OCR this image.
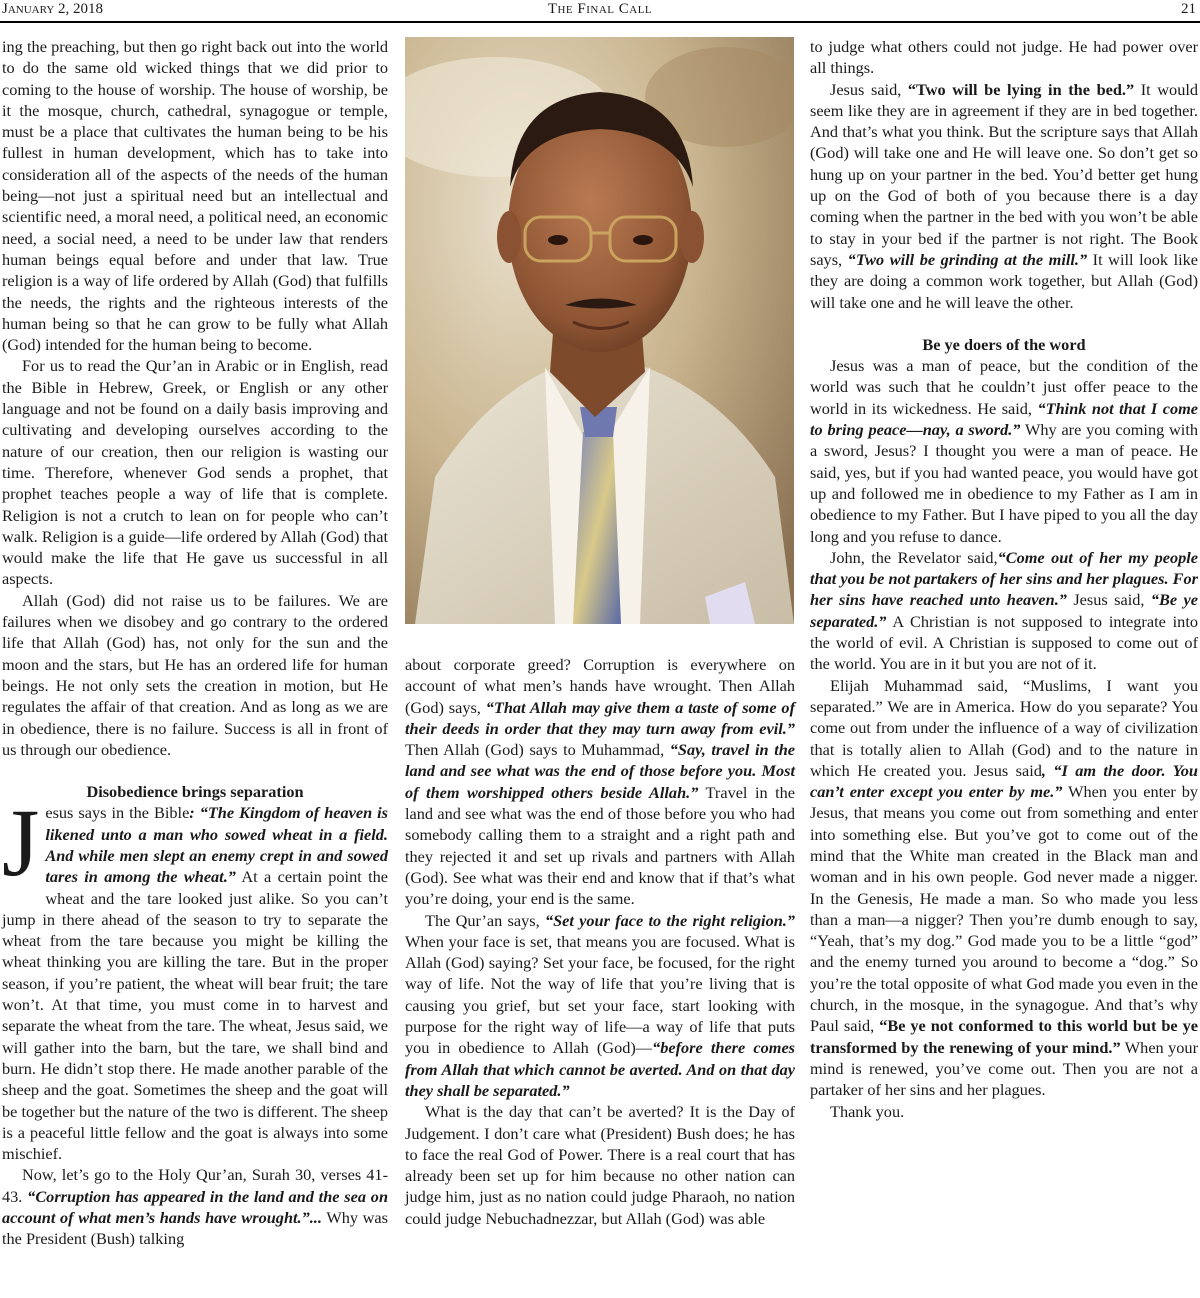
The Final Call
January 2, 2018	21

ing the preaching, but then go right back out into the world to do the same old wicked things that we did prior to coming to the house of worship. The house of worship, be it the mosque, church, cathedral, synagogue or temple, must be a place that cultivates the human being to be his fullest in human development, which has to take into consideration all of the aspects of the needs of the human being—not just a spiritual need but an intellectual and scientific need, a moral need, a political need, an economic need, a social need, a need to be under law that renders human beings equal before and under that law. True religion is a way of life ordered by Allah (God) that fulfills the needs, the rights and the righteous interests of the human being so that he can grow to be fully what Allah (God) intended for the human being to become.

For us to read the Qur’an in Arabic or in English, read the Bible in Hebrew, Greek, or English or any other language and not be found on a daily basis improving and cultivating and developing ourselves according to the nature of our creation, then our religion is wasting our time. Therefore, whenever God sends a prophet, that prophet teaches people a way of life that is complete. Religion is not a crutch to lean on for people who can’t walk. Religion is a guide—life ordered by Allah (God) that would make the life that He gave us successful in all aspects.

Allah (God) did not raise us to be failures. We are failures when we disobey and go contrary to the ordered life that Allah (God) has, not only for the sun and the moon and the stars, but He has an ordered life for human beings. He not only sets the creation in motion, but He regulates the affair of that creation. And as long as we are in obedience, there is no failure. Success is all in front of us through our obedience.

Disobedience brings separation

Jesus says in the Bible: “The Kingdom of heaven is likened unto a man who sowed wheat in a field. And while men slept an enemy crept in and sowed tares in among the wheat.” At a certain point the wheat and the tare looked just alike. So you can’t jump in there ahead of the season to try to separate the wheat from the tare because you might be killing the wheat thinking you are killing the tare. But in the proper season, if you’re patient, the wheat will bear fruit; the tare won’t. At that time, you must come in to harvest and separate the wheat from the tare. The wheat, Jesus said, we will gather into the barn, but the tare, we shall bind and burn. He didn’t stop there. He made another parable of the sheep and the goat. Sometimes the sheep and the goat will be together but the nature of the two is different. The sheep is a peaceful little fellow and the goat is always into some mischief.

Now, let’s go to the Holy Qur’an, Surah 30, verses 41-43. “Corruption has appeared in the land and the sea on account of what men’s hands have wrought.”... Why was the President (Bush) talking

about corporate greed? Corruption is everywhere on account of what men’s hands have wrought. Then Allah (God) says, “That Allah may give them a taste of some of their deeds in order that they may turn away from evil.” Then Allah (God) says to Muhammad, “Say, travel in the land and see what was the end of those before you. Most of them worshipped others beside Allah.” Travel in the land and see what was the end of those before you who had somebody calling them to a straight and a right path and they rejected it and set up rivals and partners with Allah (God). See what was their end and know that if that’s what you’re doing, your end is the same.

The Qur’an says, “Set your face to the right religion.” When your face is set, that means you are focused. What is Allah (God) saying? Set your face, be focused, for the right way of life. Not the way of life that you’re living that is causing you grief, but set your face, start looking with purpose for the right way of life—a way of life that puts you in obedience to Allah (God)—“before there comes from Allah that which cannot be averted. And on that day they shall be separated.”

What is the day that can’t be averted? It is the Day of Judgement. I don’t care what (President) Bush does; he has to face the real God of Power. There is a real court that has already been set up for him because no other nation can judge him, just as no nation could judge Pharaoh, no nation could judge Nebuchadnezzar, but Allah (God) was able

to judge what others could not judge. He had power over all things.

Jesus said, “Two will be lying in the bed.” It would seem like they are in agreement if they are in bed together. And that’s what you think. But the scripture says that Allah (God) will take one and He will leave one. So don’t get so hung up on your partner in the bed. You’d better get hung up on the God of both of you because there is a day coming when the partner in the bed with you won’t be able to stay in your bed if the partner is not right. The Book says, “Two will be grinding at the mill.” It will look like they are doing a common work together, but Allah (God) will take one and he will leave the other.

Be ye doers of the word

Jesus was a man of peace, but the condition of the world was such that he couldn’t just offer peace to the world in its wickedness. He said, “Think not that I come to bring peace—nay, a sword.” Why are you coming with a sword, Jesus? I thought you were a man of peace. He said, yes, but if you had wanted peace, you would have got up and followed me in obedience to my Father as I am in obedience to my Father. But I have piped to you all the day long and you refuse to dance.

John, the Revelator said,“Come out of her my people that you be not partakers of her sins and her plagues. For her sins have reached unto heaven.” Jesus said, “Be ye separated.” A Christian is not supposed to integrate into the world of evil. A Christian is supposed to come out of the world. You are in it but you are not of it.

Elijah Muhammad said, “Muslims, I want you separated.” We are in America. How do you separate? You come out from under the influence of a way of civilization that is totally alien to Allah (God) and to the nature in which He created you. Jesus said, “I am the door. You can’t enter except you enter by me.” When you enter by Jesus, that means you come out from something and enter into something else. But you’ve got to come out of the mind that the White man created in the Black man and woman and in his own people. God never made a nigger. In the Genesis, He made a man. So who made you less than a man—a nigger? Then you’re dumb enough to say, “Yeah, that’s my dog.” God made you to be a little “god” and the enemy turned you around to become a “dog.” So you’re the total opposite of what God made you even in the church, in the mosque, in the synagogue. And that’s why Paul said, “Be ye not conformed to this world but be ye transformed by the renewing of your mind.” When your mind is renewed, you’ve come out. Then you are not a partaker of her sins and her plagues.

Thank you.
